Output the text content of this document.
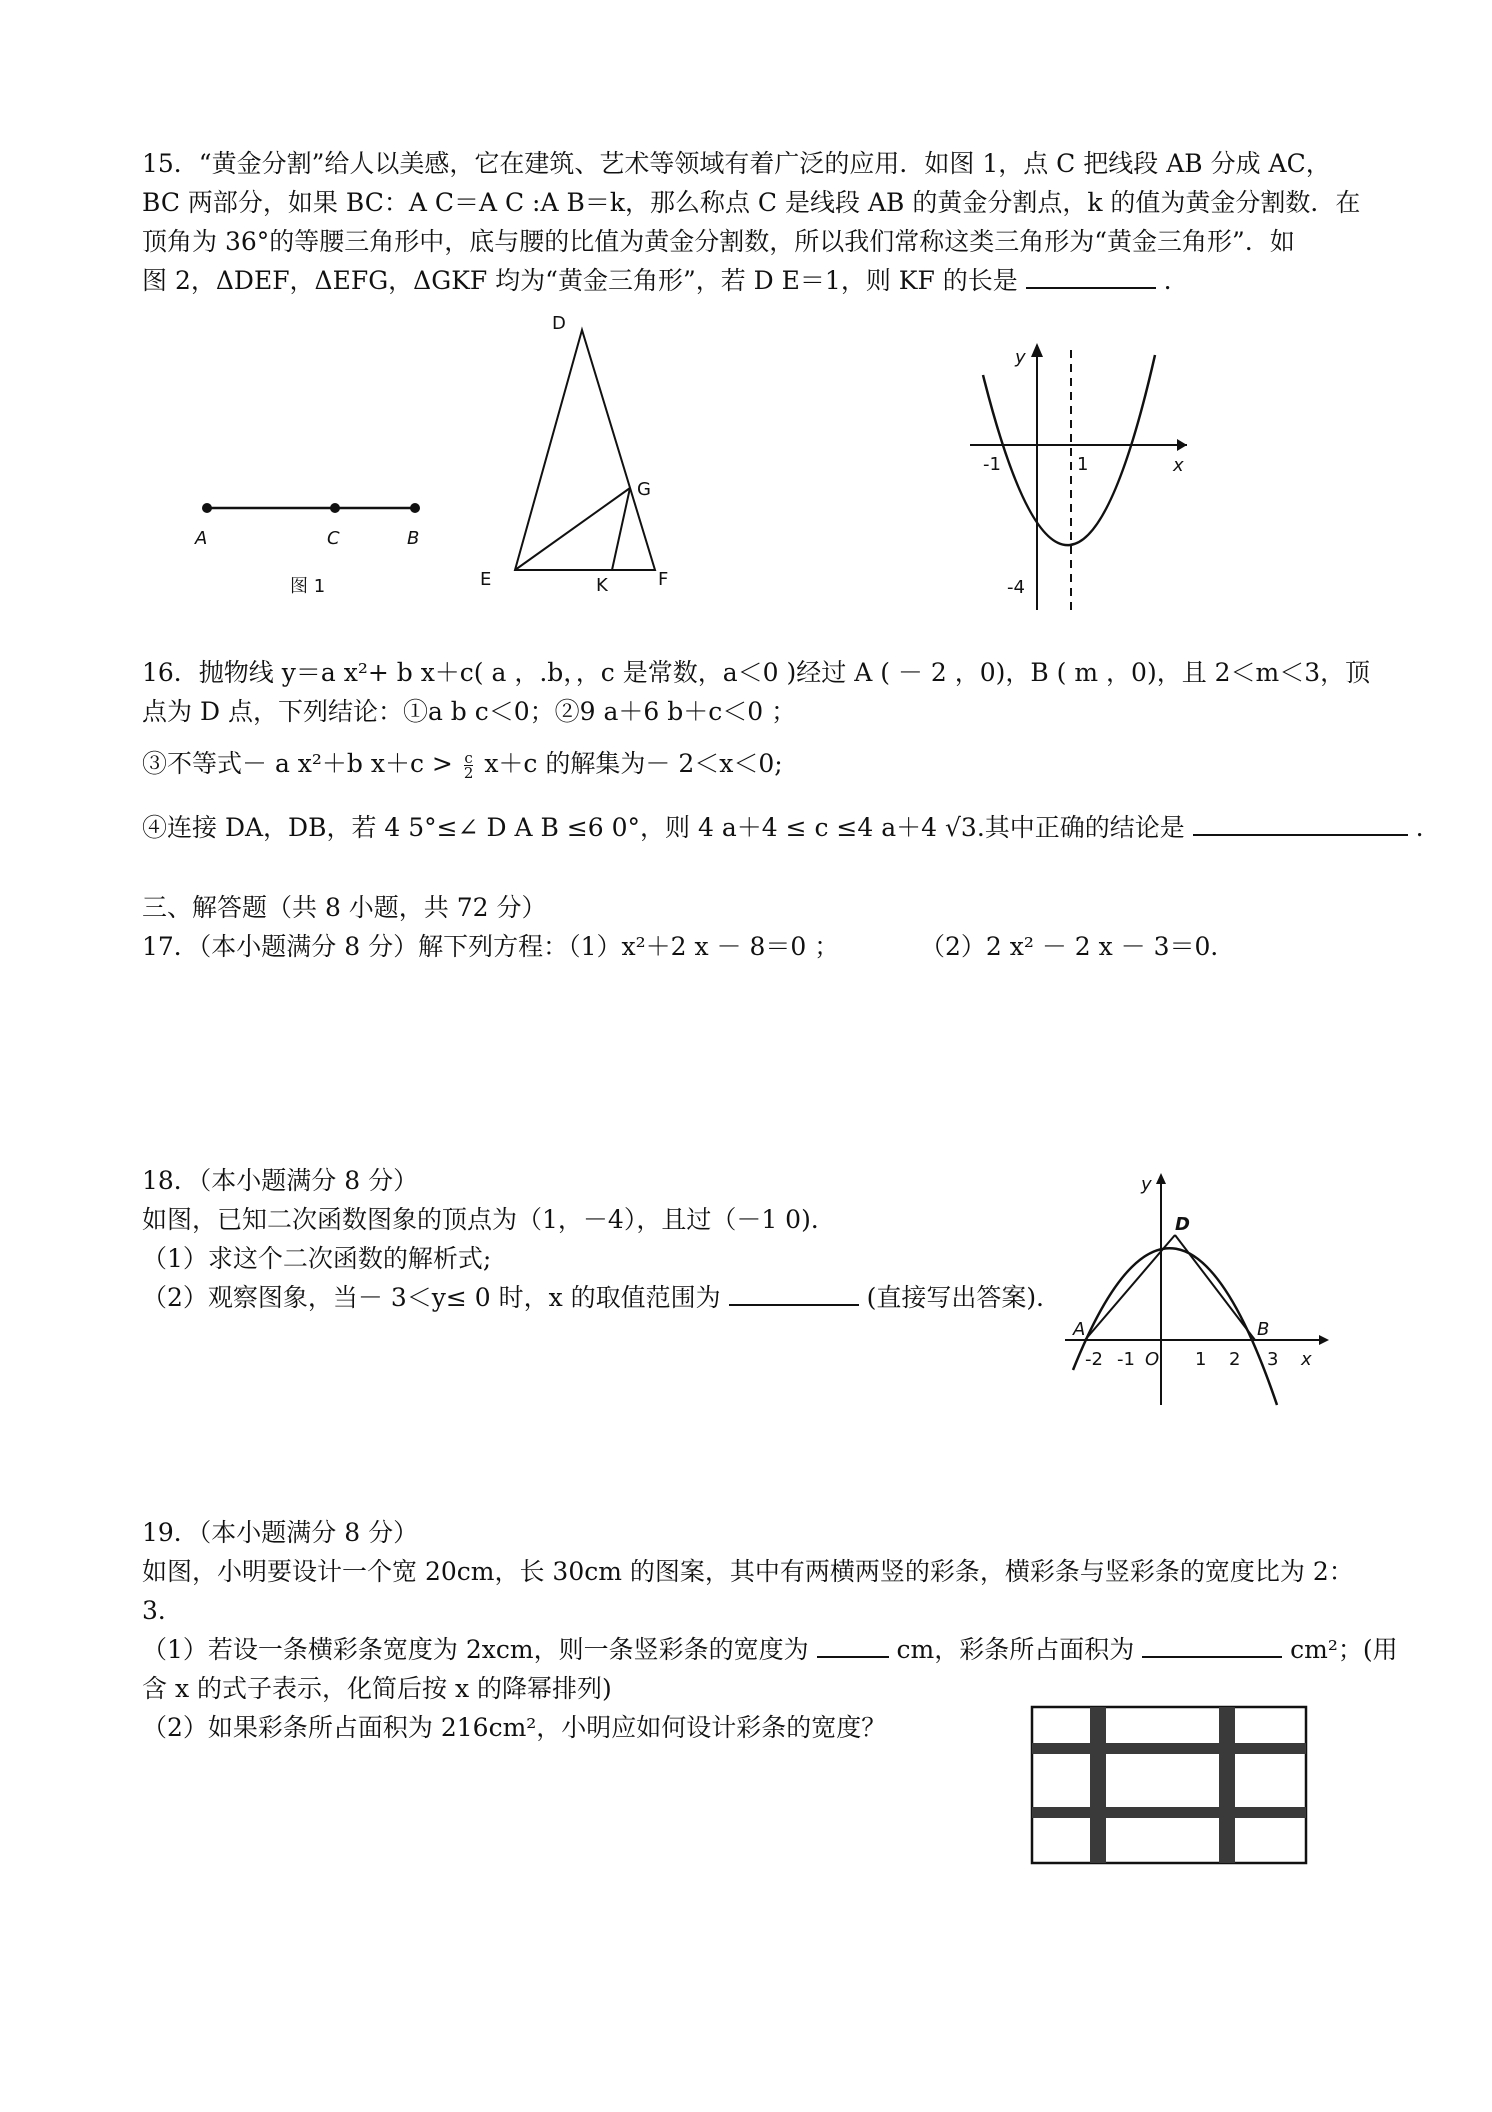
15．“黄金分割”给人以美感，它在建筑、艺术等领域有着广泛的应用．如图 1，点 C 把线段 AB 分成 AC，
BC 两部分，如果 BC：A C＝A C :A B＝k，那么称点 C 是线段 AB 的黄金分割点，k 的值为黄金分割数．在
顶角为 36°的等腰三角形中，底与腰的比值为黄金分割数，所以我们常称这类三角形为“黄金三角形”．如
图 2，ΔDEF，ΔEFG，ΔGKF 均为“黄金三角形”，若 D E＝1，则 KF 的长是	.
A	C	B
图 1
D
G
E	K	F
y
x
-1	1
-4
16．抛物线 y＝a x²+ b x＋c( a ，.b，，c 是常数，a＜0 )经过 A ( － 2 ，0)，B ( m ，0)，且 2＜m＜3，顶
点为 D 点，下列结论：①a b c＜0；②9 a＋6 b＋c＜0 ；
③不等式－ a x²＋b $x+c > \frac{c}{2} x+c$ 的解集为－ 2＜x＜0;
④连接 DA，DB，若 4 5°≤∠ D A B ≤6 0°，则 4 a＋4 ≤ c ≤4 a＋4 √3.其中正确的结论是	.
三、解答题（共 8 小题，共 72 分）
17．（本小题满分 8 分）解下列方程：（1）x²＋2 x － 8＝0 ；	（2）2 x² － 2 x － 3＝0．
18．（本小题满分 8 分）
如图，已知二次函数图象的顶点为（1，－4），且过（－1 0)．
（1）求这个二次函数的解析式;
（2）观察图象，当－ 3＜y≤ 0 时，x 的取值范围为	(直接写出答案)．
y
D
A	B
-2 -1 O 1 2 3 x
19．（本小题满分 8 分）
如图，小明要设计一个宽 20cm，长 30cm 的图案，其中有两横两竖的彩条，横彩条与竖彩条的宽度比为 2：
3．
（1）若设一条横彩条宽度为 2xcm，则一条竖彩条的宽度为	cm，彩条所占面积为	cm²；(用
含 x 的式子表示，化简后按 x 的降幂排列)
（2）如果彩条所占面积为 216cm²，小明应如何设计彩条的宽度？
